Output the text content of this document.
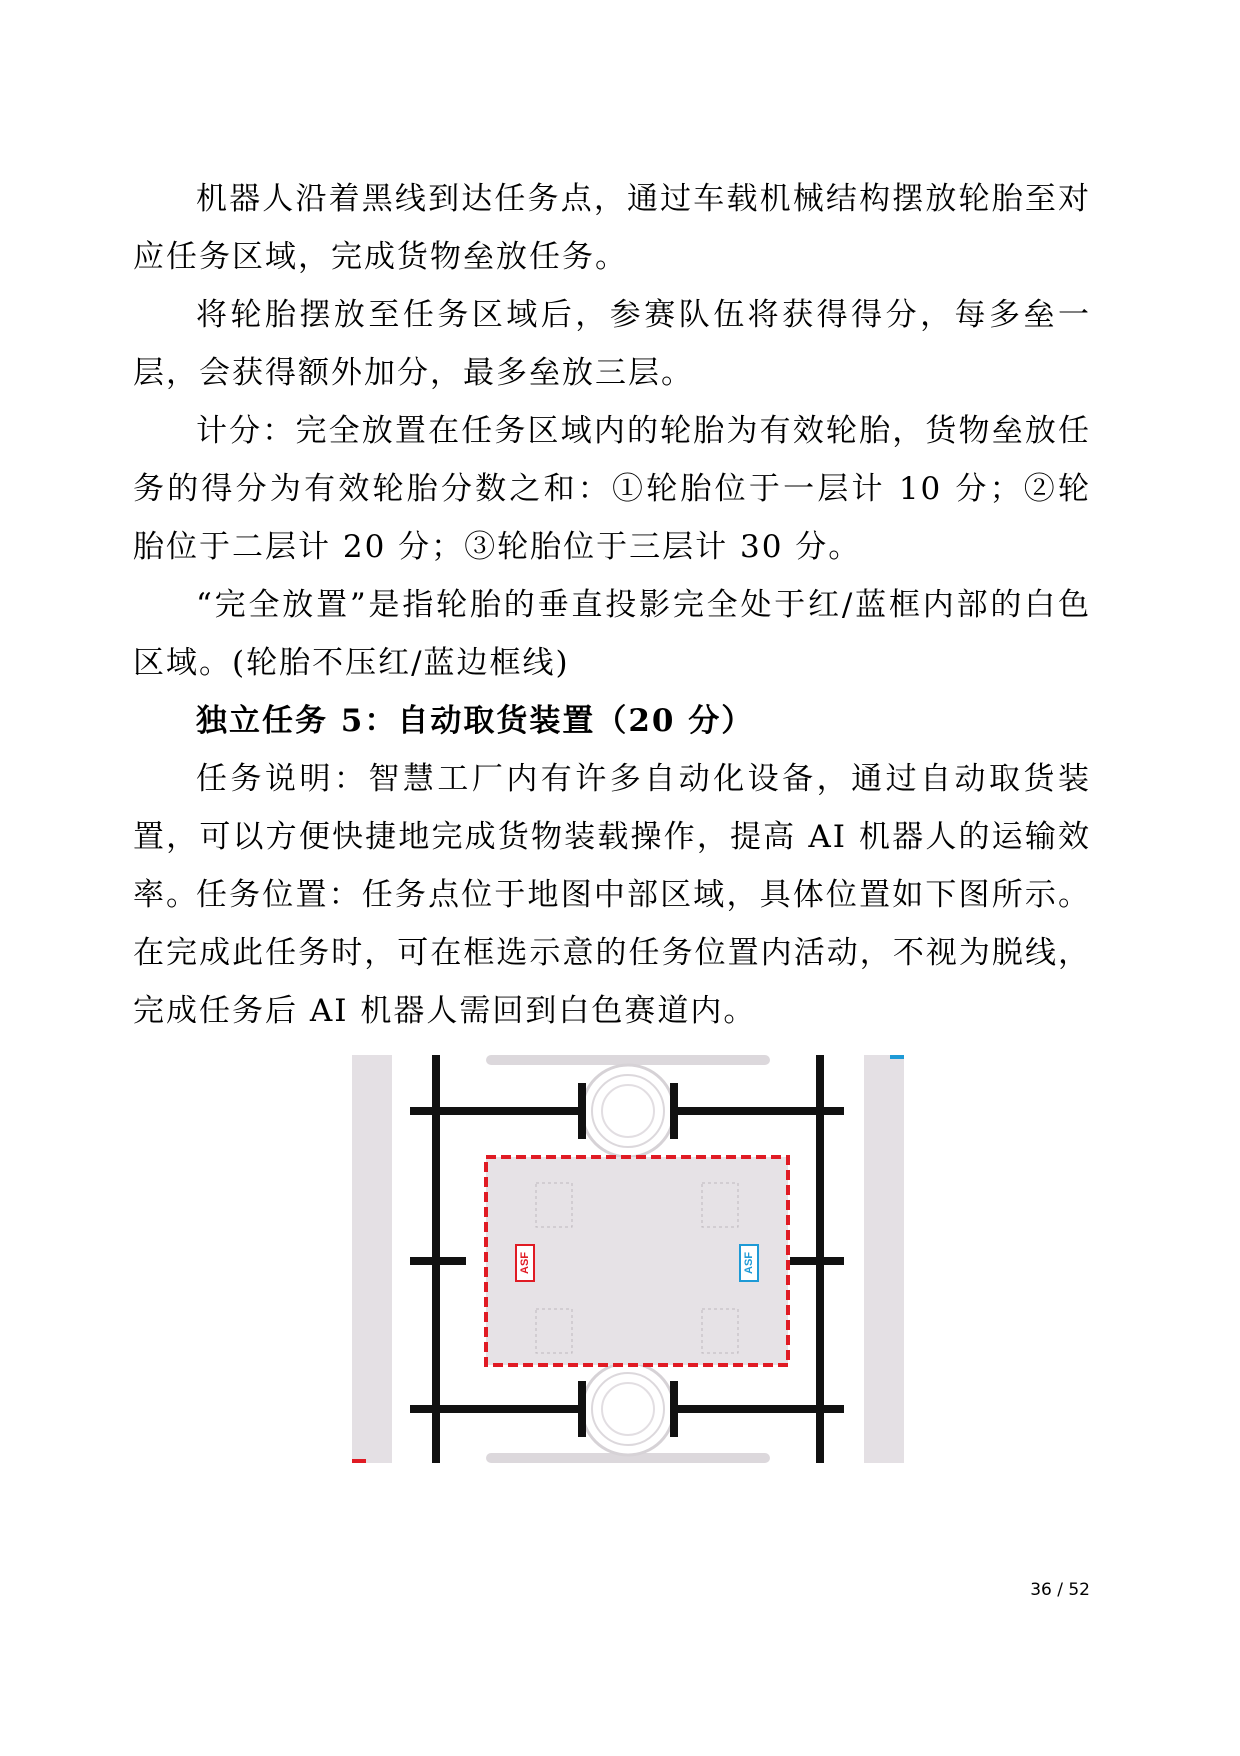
机器人沿着黑线到达任务点，通过车载机械结构摆放轮胎至对应任务区域，完成货物垒放任务。

将轮胎摆放至任务区域后，参赛队伍将获得得分，每多垒一层，会获得额外加分，最多垒放三层。

计分：完全放置在任务区域内的轮胎为有效轮胎，货物垒放任务的得分为有效轮胎分数之和：①轮胎位于一层计 10 分；②轮胎位于二层计 20 分；③轮胎位于三层计 30 分。

“完全放置”是指轮胎的垂直投影完全处于红/蓝框内部的白色区域。(轮胎不压红/蓝边框线)

独立任务 5：自动取货装置（20 分）

任务说明：智慧工厂内有许多自动化设备，通过自动取货装置，可以方便快捷地完成货物装载操作，提高 AI 机器人的运输效率。

任务位置：任务点位于地图中部区域，具体位置如下图所示。在完成此任务时，可在框选示意的任务位置内活动，不视为脱线，完成任务后 AI 机器人需回到白色赛道内。

ASF	ASF
36 / 52
